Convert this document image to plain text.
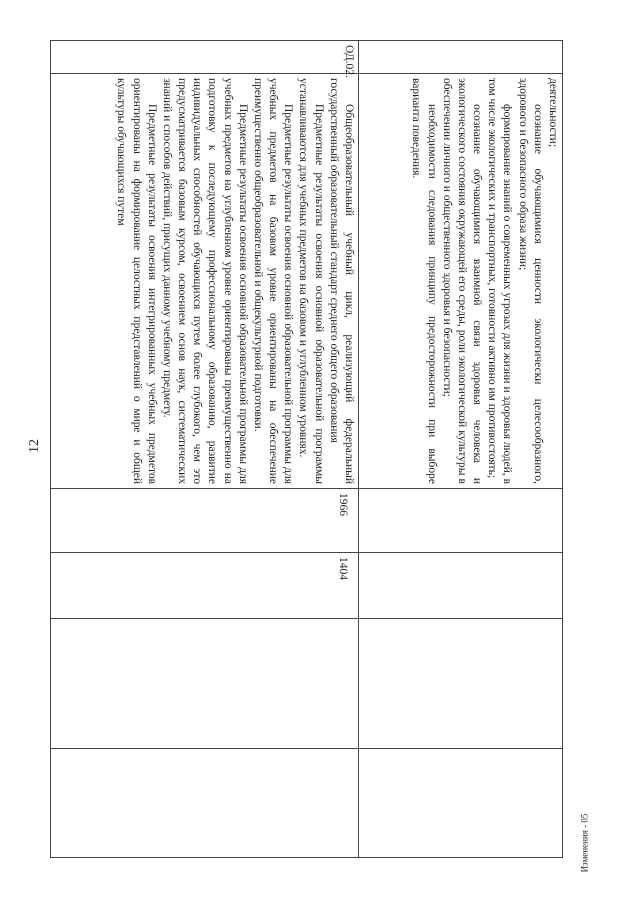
12
Изменения - 05

	деятельности;

осознание обучающимися ценности экологически целесообразного, здорового и безопасного образа жизни;

формирование знаний о современных угрозах для жизни и здоровья людей, в том числе экологических и транспортных, готовности активно им противостоять;

осознание обучающимися взаимной связи здоровья человека и экологического состояния окружающей его среды, роли экологической культуры в обеспечении личного и общественного здоровья и безопасности;

необходимости следования принципу предосторожности при выборе варианта поведения.				

ОД.02.	Общеобразовательный учебный цикл, реализующий федеральный государственный образовательный стандарт среднего общего образования

Предметные результаты освоения основной образовательной программы устанавливаются для учебных предметов на базовом и углубленном уровнях.

Предметные результаты освоения основной образовательной программы для учебных предметов на базовом уровне ориентированы на обеспечение преимущественно общеобразовательной и общекультурной подготовки.

Предметные результаты освоения основной образовательной программы для учебных предметов на углубленном уровне ориентированы преимущественно на подготовку к последующему профессиональному образованию, развитие индивидуальных способностей обучающихся путем более глубокого, чем это предусматривается базовым курсом, освоением основ наук, систематических знаний и способов действий, присущих данному учебному предмету.

Предметные результаты освоения интегрированных учебных предметов ориентированы на формирование целостных представлений о мире и общей культуры обучающихся путем	1966	1404		
